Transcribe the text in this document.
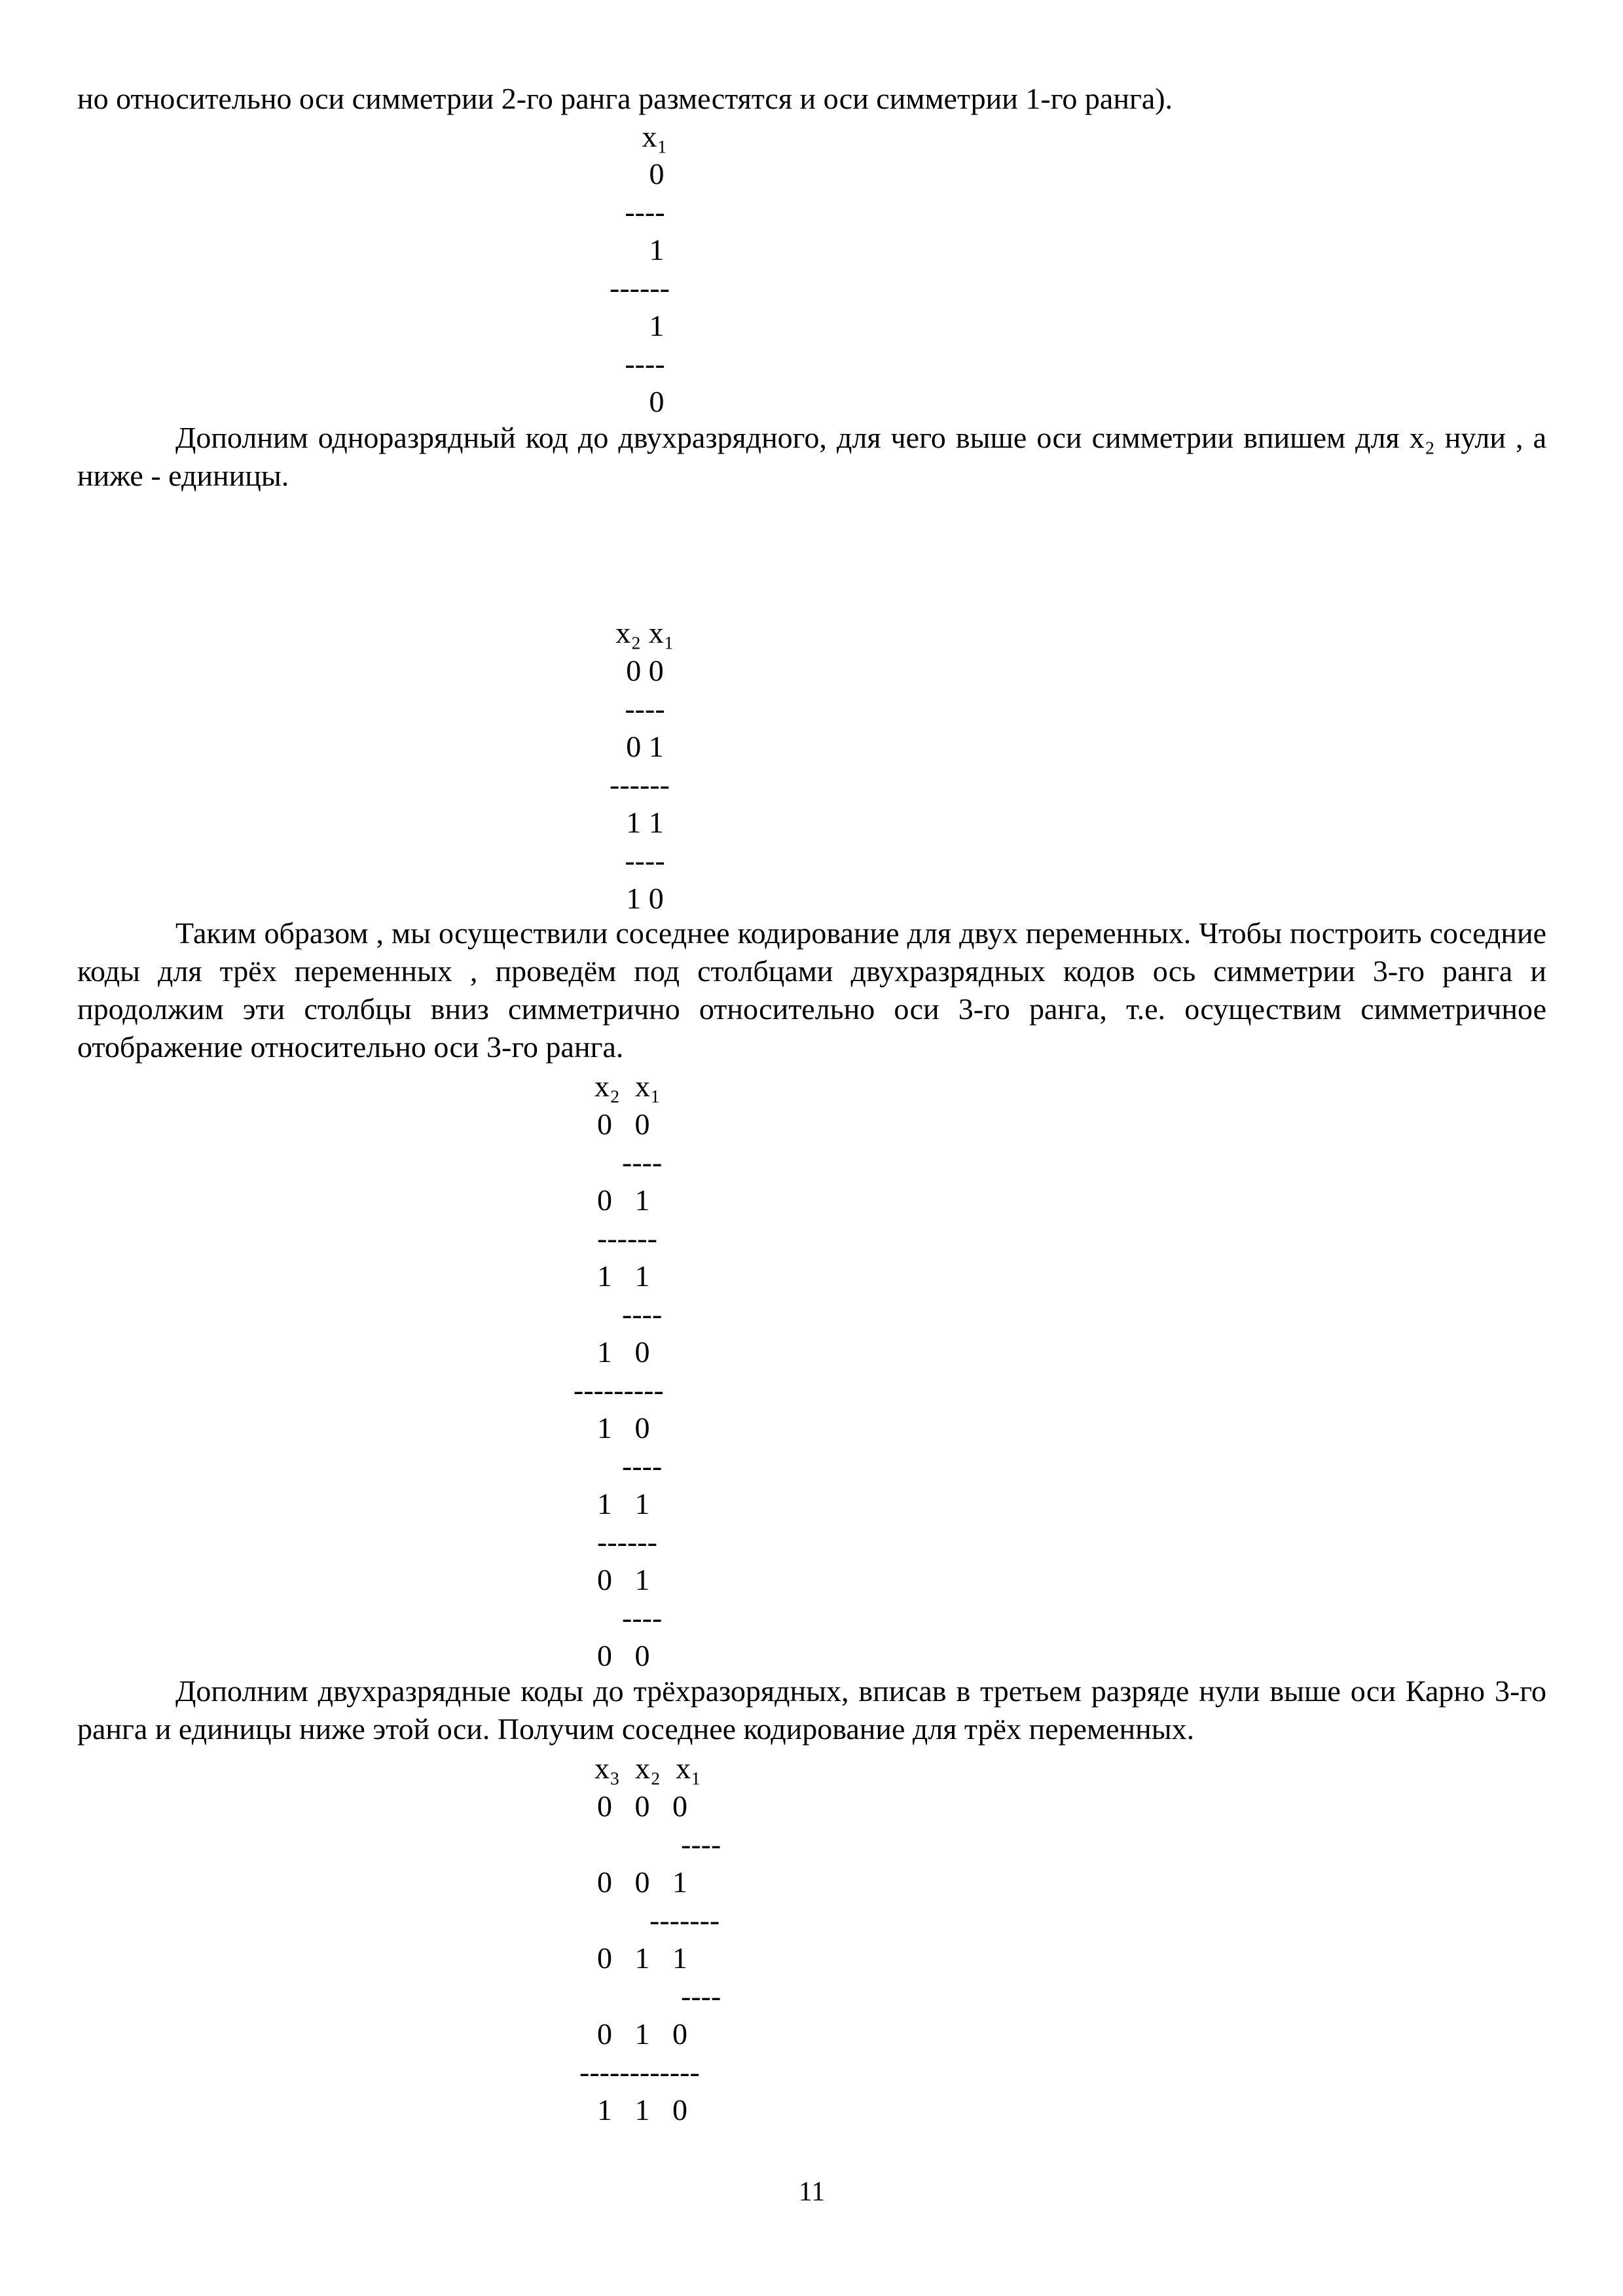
но относительно оси симметрии 2-го ранга разместятся и оси симметрии 1-го ранга).

x₁
0
----
1
------
1
----
0

Дополним одноразрядный код до двухразрядного, для чего выше оси симметрии впишем для x₂ нули , а ниже - единицы.

x₂ x₁
0 0
----
0 1
------
1 1
----
1 0

Таким образом , мы осуществили соседнее кодирование для двух переменных. Чтобы построить соседние коды для трёх переменных , проведём под столбцами двухразрядных кодов ось симметрии 3-го ранга и продолжим эти столбцы вниз симметрично относительно оси 3-го ранга, т.е. осуществим симметричное отображение относительно оси 3-го ранга.

x₂  x₁
0   0
----
0   1
------
1   1
----
1   0
---------
1   0
----
1   1
------
0   1
----
0   0

Дополним двухразрядные коды до трёхразорядных, вписав в третьем разряде нули выше оси Карно 3-го ранга и единицы ниже этой оси. Получим соседнее кодирование для трёх переменных.

x₃  x₂  x₁
0   0   0
----
0   0   1
-------
0   1   1
----
0   1   0
------------
1   1   0
11
